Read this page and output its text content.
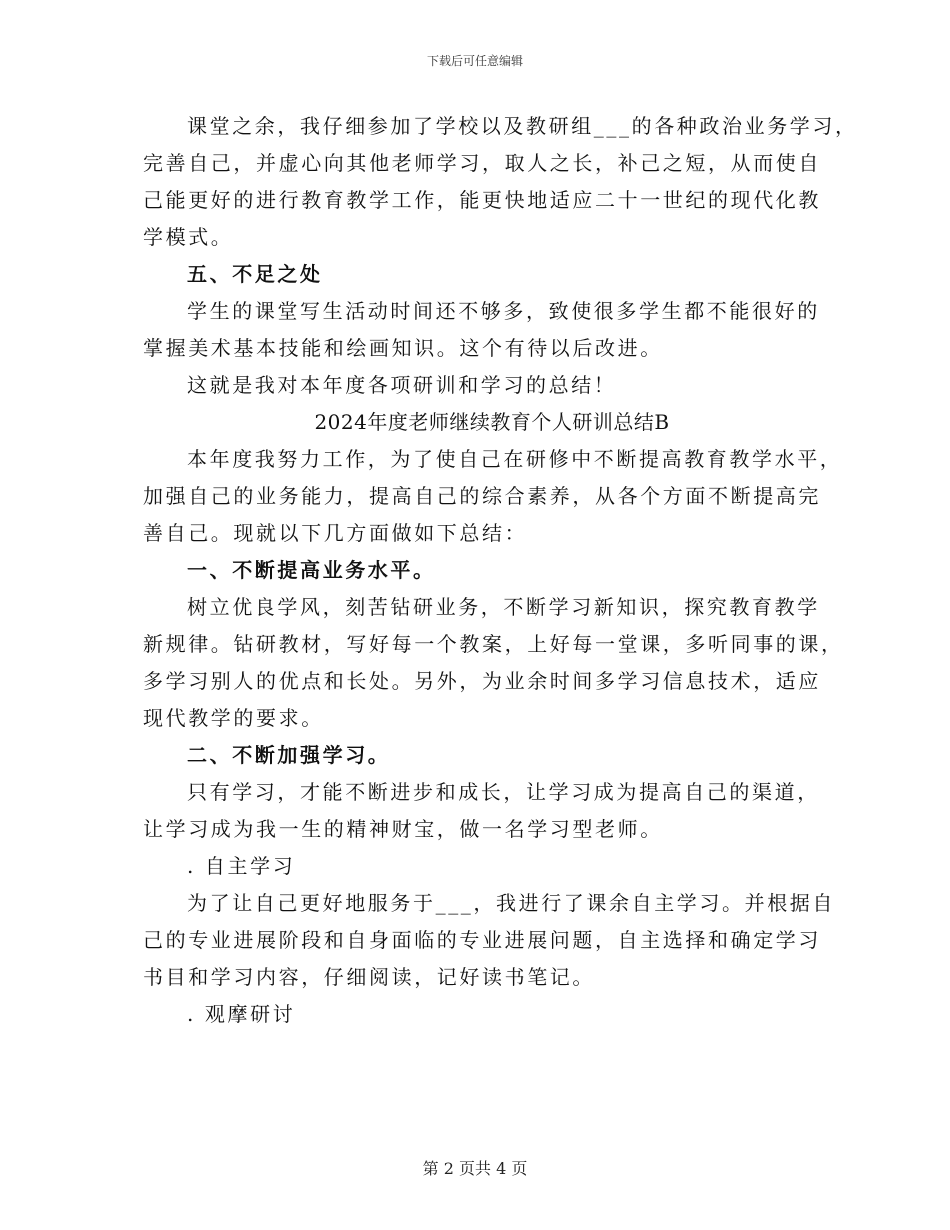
下载后可任意编辑
课堂之余，我仔细参加了学校以及教研组___的各种政治业务学习，
完善自己，并虚心向其他老师学习，取人之长，补己之短，从而使自
己能更好的进行教育教学工作，能更快地适应二十一世纪的现代化教
学模式。
五、不足之处
学生的课堂写生活动时间还不够多，致使很多学生都不能很好的
掌握美术基本技能和绘画知识。这个有待以后改进。
这就是我对本年度各项研训和学习的总结！
2024年度老师继续教育个人研训总结B
本年度我努力工作，为了使自己在研修中不断提高教育教学水平，
加强自己的业务能力，提高自己的综合素养，从各个方面不断提高完
善自己。现就以下几方面做如下总结：
一、不断提高业务水平。
树立优良学风，刻苦钻研业务，不断学习新知识，探究教育教学
新规律。钻研教材，写好每一个教案，上好每一堂课，多听同事的课，
多学习别人的优点和长处。另外，为业余时间多学习信息技术，适应
现代教学的要求。
二、不断加强学习。
只有学习，才能不断进步和成长，让学习成为提高自己的渠道，
让学习成为我一生的精神财宝，做一名学习型老师。
. 自主学习
为了让自己更好地服务于___，我进行了课余自主学习。并根据自
己的专业进展阶段和自身面临的专业进展问题，自主选择和确定学习
书目和学习内容，仔细阅读，记好读书笔记。
. 观摩研讨
第 2 页共 4 页
